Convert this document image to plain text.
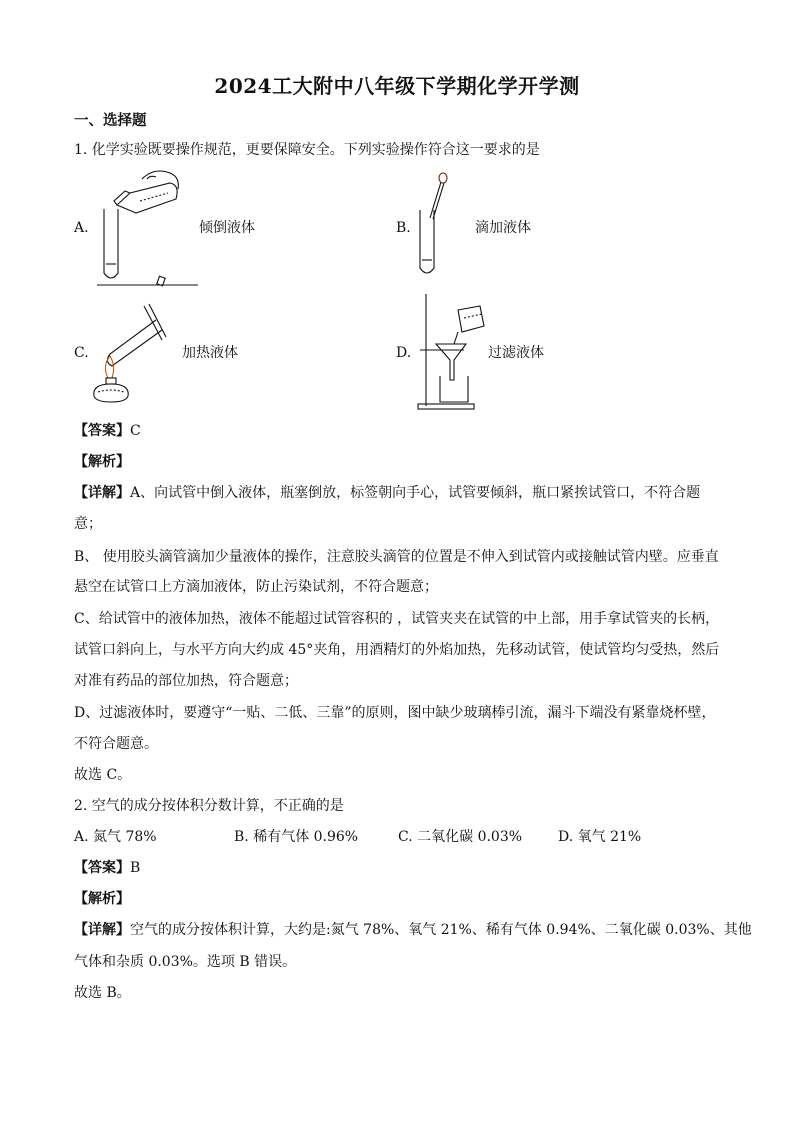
2024工大附中八年级下学期化学开学测
一、选择题
1. 化学实验既要操作规范，更要保障安全。下列实验操作符合这一要求的是
A.	倾倒液体	B.	滴加液体
C.	加热液体	D.	过滤液体
【答案】C
【解析】
【详解】A、向试管中倒入液体，瓶塞倒放，标签朝向手心，试管要倾斜，瓶口紧挨试管口，不符合题
意；
B、 使用胶头滴管滴加少量液体的操作，注意胶头滴管的位置是不伸入到试管内或接触试管内壁。应垂直
悬空在试管口上方滴加液体，防止污染试剂，不符合题意；
C、给试管中的液体加热，液体不能超过试管容积的 ，试管夹夹在试管的中上部，用手拿试管夹的长柄，
试管口斜向上，与水平方向大约成 45°夹角，用酒精灯的外焰加热，先移动试管，使试管均匀受热，然后
对准有药品的部位加热，符合题意；
D、过滤液体时，要遵守“一贴、二低、三靠”的原则，图中缺少玻璃棒引流，漏斗下端没有紧靠烧杯壁，
不符合题意。
故选 C。
2. 空气的成分按体积分数计算，不正确的是
A. 氮气 78%	B. 稀有气体 0.96%	C. 二氧化碳 0.03%	D. 氧气 21%
【答案】B
【解析】
【详解】空气的成分按体积计算，大约是:氮气 78%、氧气 21%、稀有气体 0.94%、二氧化碳 0.03%、其他
气体和杂质 0.03%。选项 B 错误。
故选 B。
